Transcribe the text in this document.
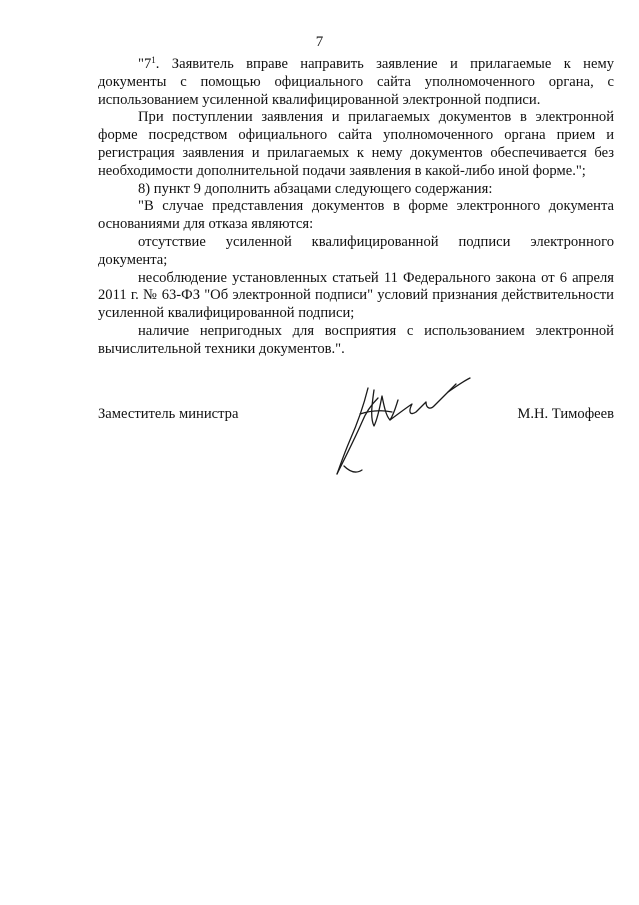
7

"$7^1$. Заявитель вправе направить заявление и прилагаемые к нему документы с помощью официального сайта уполномоченного органа, с использованием усиленной квалифицированной электронной подписи.

При поступлении заявления и прилагаемых документов в электронной форме посредством официального сайта уполномоченного органа прием и регистрация заявления и прилагаемых к нему документов обеспечивается без необходимости дополнительной подачи заявления в какой-либо иной форме.";

8) пункт 9 дополнить абзацами следующего содержания:

"В случае представления документов в форме электронного документа основаниями для отказа являются:

отсутствие усиленной квалифицированной подписи электронного документа;

несоблюдение установленных статьей 11 Федерального закона от 6 апреля 2011 г. № 63-ФЗ "Об электронной подписи" условий признания действительности усиленной квалифицированной подписи;

наличие непригодных для восприятия с использованием электронной вычислительной техники документов.".

Заместитель министра	М.Н. Тимофеев
